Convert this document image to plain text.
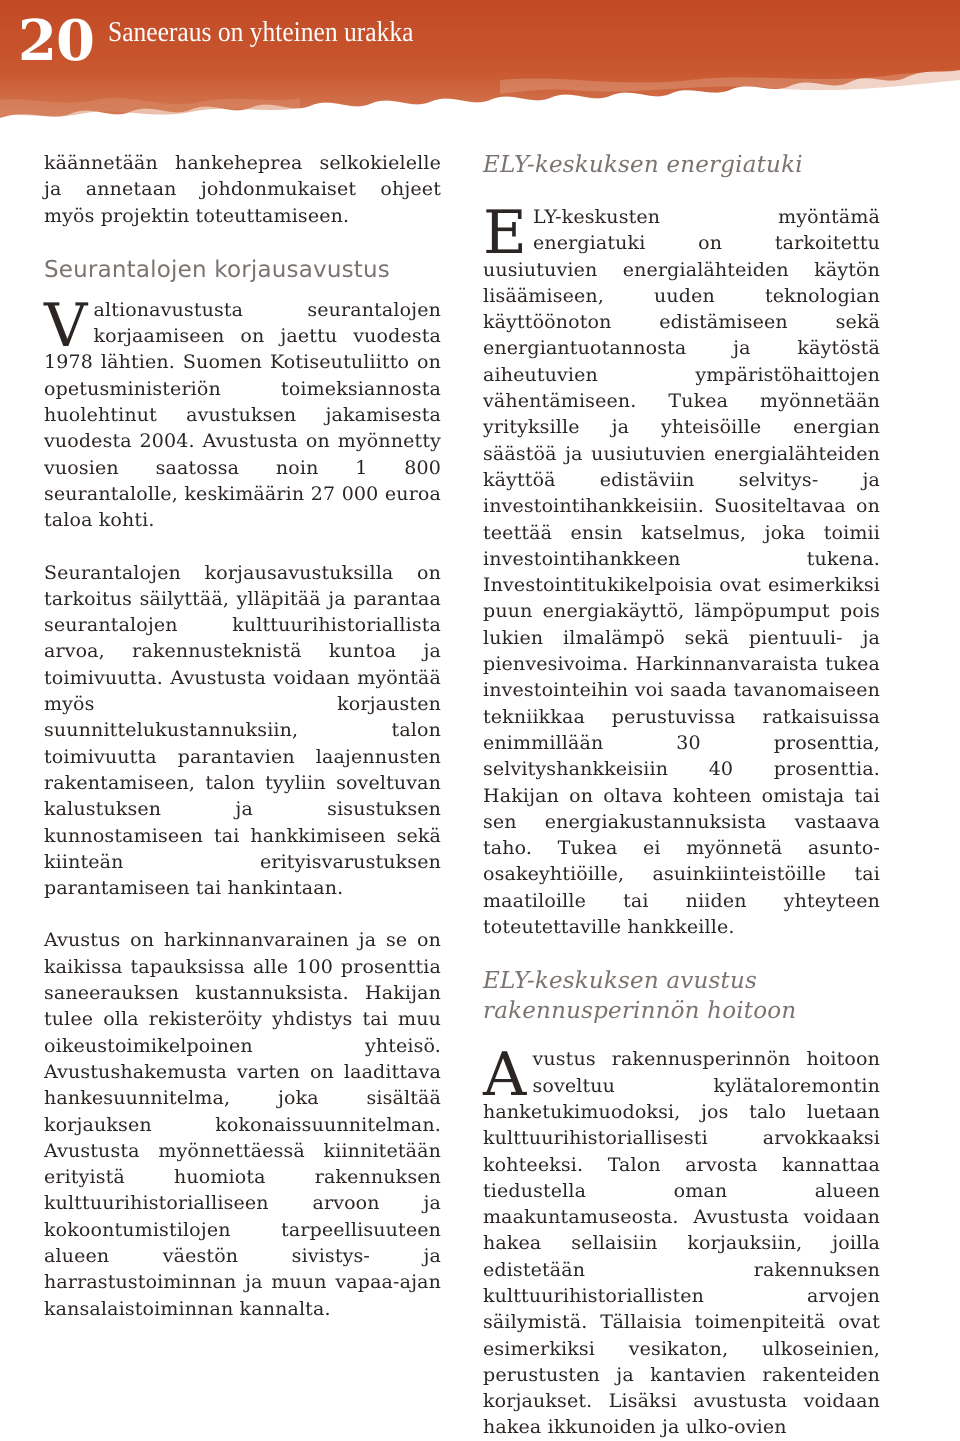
20 Saneeraus on yhteinen urakka

käännetään hankeheprea selkokielelle ja annetaan johdonmukaiset ohjeet myös projektin toteuttamiseen.

Seurantalojen korjausavustus

Valtionavustusta seurantalojen korjaamiseen on jaettu vuodesta 1978 lähtien. Suomen Kotiseutuliitto on opetusministeriön toimeksiannosta huolehtinut avustuksen jakamisesta vuodesta 2004. Avustusta on myönnetty vuosien saatossa noin 1 800 seurantalolle, keskimäärin 27 000 euroa taloa kohti.

Seurantalojen korjausavustuksilla on tarkoitus säilyttää, ylläpitää ja parantaa seurantalojen kulttuurihistoriallista arvoa, rakennusteknistä kuntoa ja toimivuutta. Avustusta voidaan myöntää myös korjausten suunnittelukustannuksiin, talon toimivuutta parantavien laajennusten rakentamiseen, talon tyyliin soveltuvan kalustuksen ja sisustuksen kunnostamiseen tai hankkimiseen sekä kiinteän erityisvarustuksen parantamiseen tai hankintaan.

Avustus on harkinnanvarainen ja se on kaikissa tapauksissa alle 100 prosenttia saneerauksen kustannuksista. Hakijan tulee olla rekisteröity yhdistys tai muu oikeustoimikelpoinen yhteisö. Avustushakemusta varten on laadittava hankesuunnitelma, joka sisältää korjauksen kokonaissuunnitelman. Avustusta myönnettäessä kiinnitetään erityistä huomiota rakennuksen kulttuurihistorialliseen arvoon ja kokoontumistilojen tarpeellisuuteen alueen väestön sivistys- ja harrastustoiminnan ja muun vapaa-ajan kansalaistoiminnan kannalta.

ELY-keskuksen energiatuki

ELY-keskusten myöntämä energiatuki on tarkoitettu uusiutuvien energialähteiden käytön lisäämiseen, uuden teknologian käyttöönoton edistämiseen sekä energiantuotannosta ja käytöstä aiheutuvien ympäristöhaittojen vähentämiseen. Tukea myönnetään yrityksille ja yhteisöille energian säästöä ja uusiutuvien energialähteiden käyttöä edistäviin selvitys- ja investointihankkeisiin. Suositeltavaa on teettää ensin katselmus, joka toimii investointihankkeen tukena. Investointitukikelpoisia ovat esimerkiksi puun energiakäyttö, lämpöpumput pois lukien ilmalämpö sekä pientuuli- ja pienvesivoima. Harkinnanvaraista tukea investointeihin voi saada tavanomaiseen tekniikkaa perustuvissa ratkaisuissa enimmillään 30 prosenttia, selvityshankkeisiin 40 prosenttia. Hakijan on oltava kohteen omistaja tai sen energiakustannuksista vastaava taho. Tukea ei myönnetä asunto-osakeyhtiöille, asuinkiinteistöille tai maatiloille tai niiden yhteyteen toteutettaville hankkeille.

ELY-keskuksen avustus
rakennusperinnön hoitoon

Avustus rakennusperinnön hoitoon soveltuu kylätaloremontin hanketukimuodoksi, jos talo luetaan kulttuurihistoriallisesti arvokkaaksi kohteeksi. Talon arvosta kannattaa tiedustella oman alueen maakuntamuseosta. Avustusta voidaan hakea sellaisiin korjauksiin, joilla edistetään rakennuksen kulttuurihistoriallisten arvojen säilymistä. Tällaisia toimenpiteitä ovat esimerkiksi vesikaton, ulkoseinien, perustusten ja kantavien rakenteiden korjaukset. Lisäksi avustusta voidaan hakea ikkunoiden ja ulko-ovien
